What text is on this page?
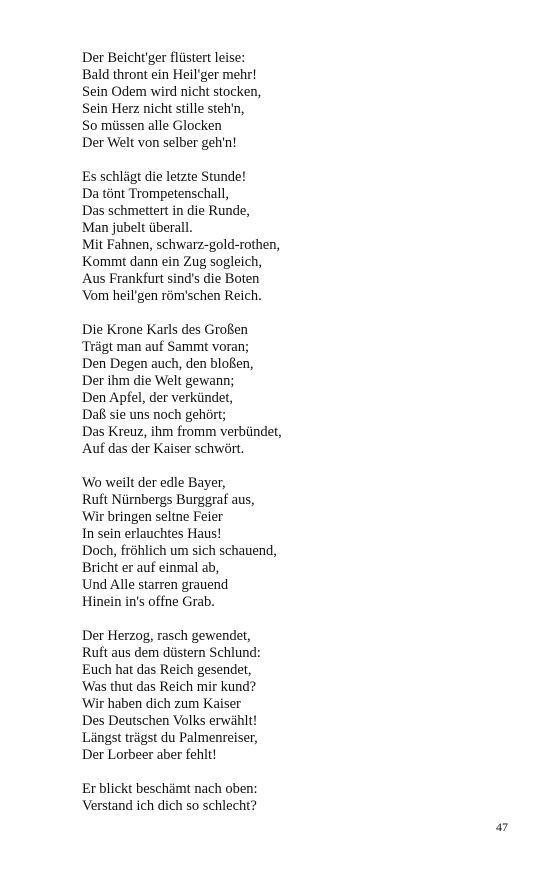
Der Beicht'ger flüstert leise:
Bald thront ein Heil'ger mehr!
Sein Odem wird nicht stocken,
Sein Herz nicht stille steh'n,
So müssen alle Glocken
Der Welt von selber geh'n!
Es schlägt die letzte Stunde!
Da tönt Trompetenschall,
Das schmettert in die Runde,
Man jubelt überall.
Mit Fahnen, schwarz-gold-rothen,
Kommt dann ein Zug sogleich,
Aus Frankfurt sind's die Boten
Vom heil'gen röm'schen Reich.
Die Krone Karls des Großen
Trägt man auf Sammt voran;
Den Degen auch, den bloßen,
Der ihm die Welt gewann;
Den Apfel, der verkündet,
Daß sie uns noch gehört;
Das Kreuz, ihm fromm verbündet,
Auf das der Kaiser schwört.
Wo weilt der edle Bayer,
Ruft Nürnbergs Burggraf aus,
Wir bringen seltne Feier
In sein erlauchtes Haus!
Doch, fröhlich um sich schauend,
Bricht er auf einmal ab,
Und Alle starren grauend
Hinein in's offne Grab.
Der Herzog, rasch gewendet,
Ruft aus dem düstern Schlund:
Euch hat das Reich gesendet,
Was thut das Reich mir kund?
Wir haben dich zum Kaiser
Des Deutschen Volks erwählt!
Längst trägst du Palmenreiser,
Der Lorbeer aber fehlt!
Er blickt beschämt nach oben:
Verstand ich dich so schlecht?
47
